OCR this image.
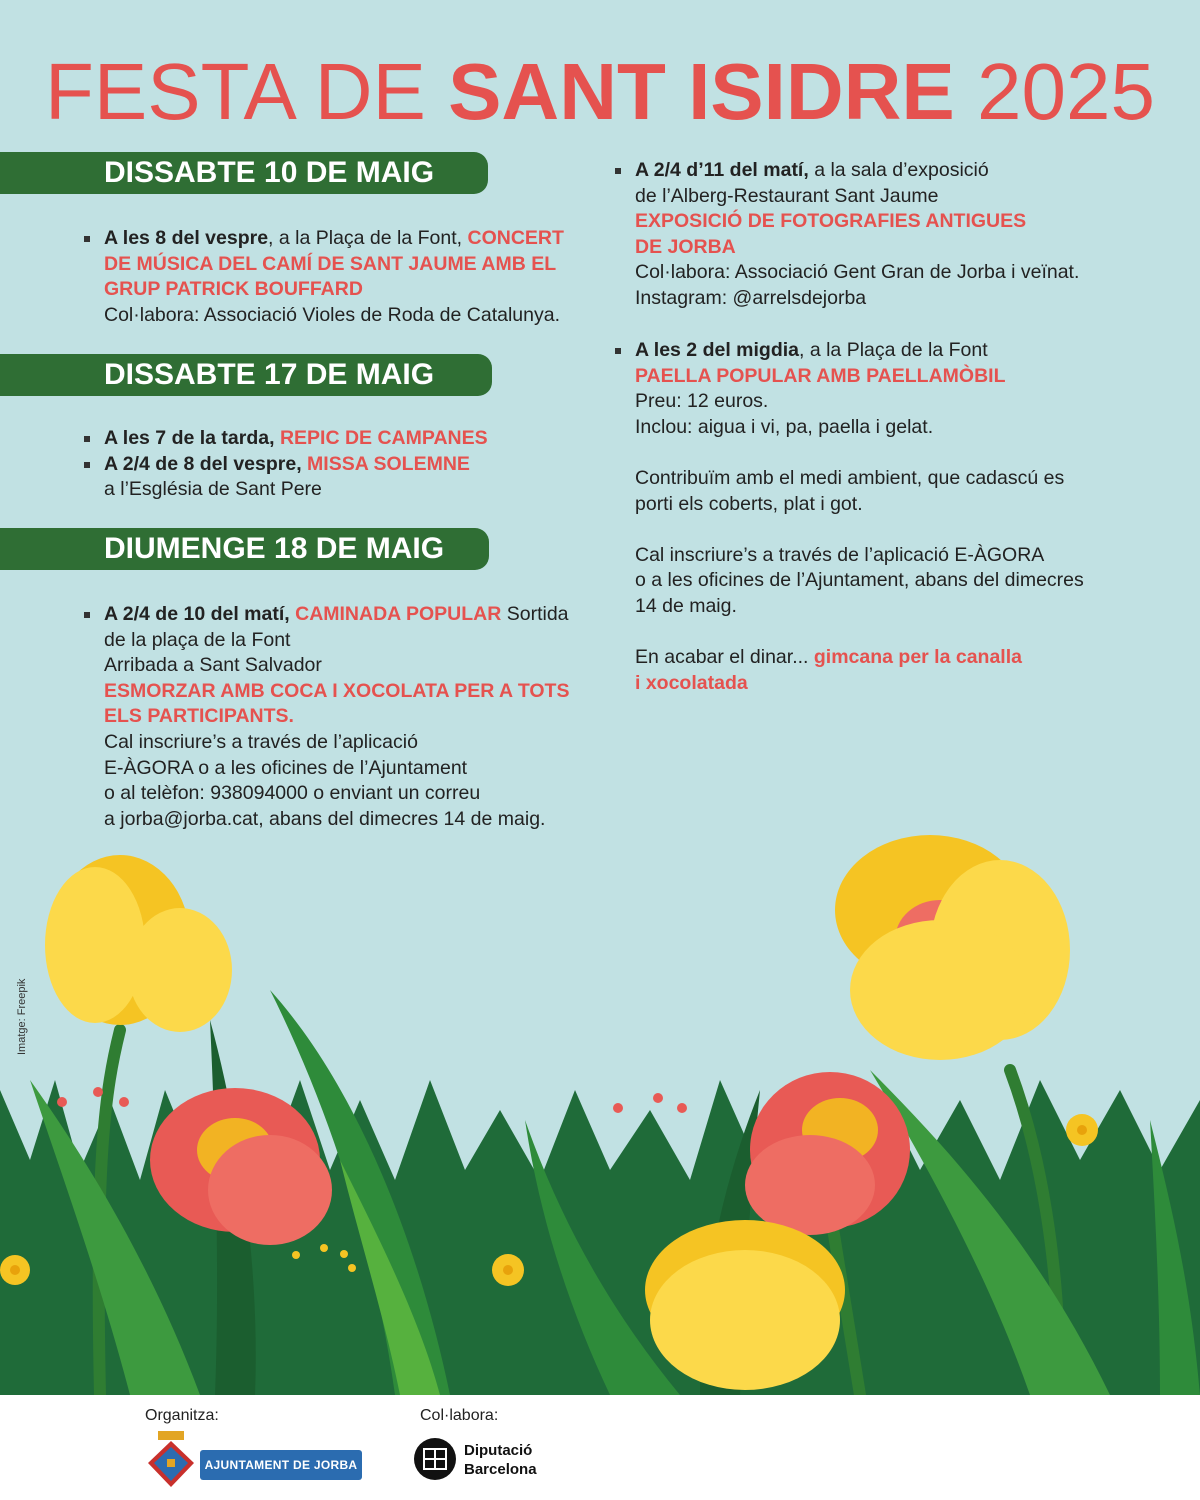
FESTA DE SANT ISIDRE 2025
DISSABTE 10 DE MAIG
DISSABTE 17 DE MAIG
DIUMENGE 18 DE MAIG
A les 8 del vespre, a la Plaça de la Font, CONCERT
DE MÚSICA DEL CAMÍ DE SANT JAUME AMB EL
GRUP PATRICK BOUFFARD
Col·labora: Associació Violes de Roda de Catalunya.
A les 7 de la tarda, REPIC DE CAMPANES
A 2/4 de 8 del vespre, MISSA SOLEMNE
a l’Església de Sant Pere
A 2/4 de 10 del matí, CAMINADA POPULAR Sortida
de la plaça de la Font
Arribada a Sant Salvador
ESMORZAR AMB COCA I XOCOLATA PER A TOTS
ELS PARTICIPANTS.
Cal inscriure’s a través de l’aplicació
E-ÀGORA o a les oficines de l’Ajuntament
o al telèfon: 938094000 o enviant un correu
a jorba@jorba.cat, abans del dimecres 14 de maig.
A 2/4 d’11 del matí, a la sala d’exposició
de l’Alberg-Restaurant Sant Jaume
EXPOSICIÓ DE FOTOGRAFIES ANTIGUES
DE JORBA
Col·labora: Associació Gent Gran de Jorba i veïnat.
Instagram: @arrelsdejorba
A les 2 del migdia, a la Plaça de la Font
PAELLA POPULAR AMB PAELLAMÒBIL
Preu: 12 euros.
Inclou: aigua i vi, pa, paella i gelat.

Contribuïm amb el medi ambient, que cadascú es
porti els coberts, plat i got.

Cal inscriure’s a través de l’aplicació E-ÀGORA
o a les oficines de l’Ajuntament, abans del dimecres
14 de maig.

En acabar el dinar... gimcana per la canalla
i xocolatada
Imatge: Freepik
Organitza:
AJUNTAMENT DE JORBA
Col·labora:
Diputació
Barcelona
